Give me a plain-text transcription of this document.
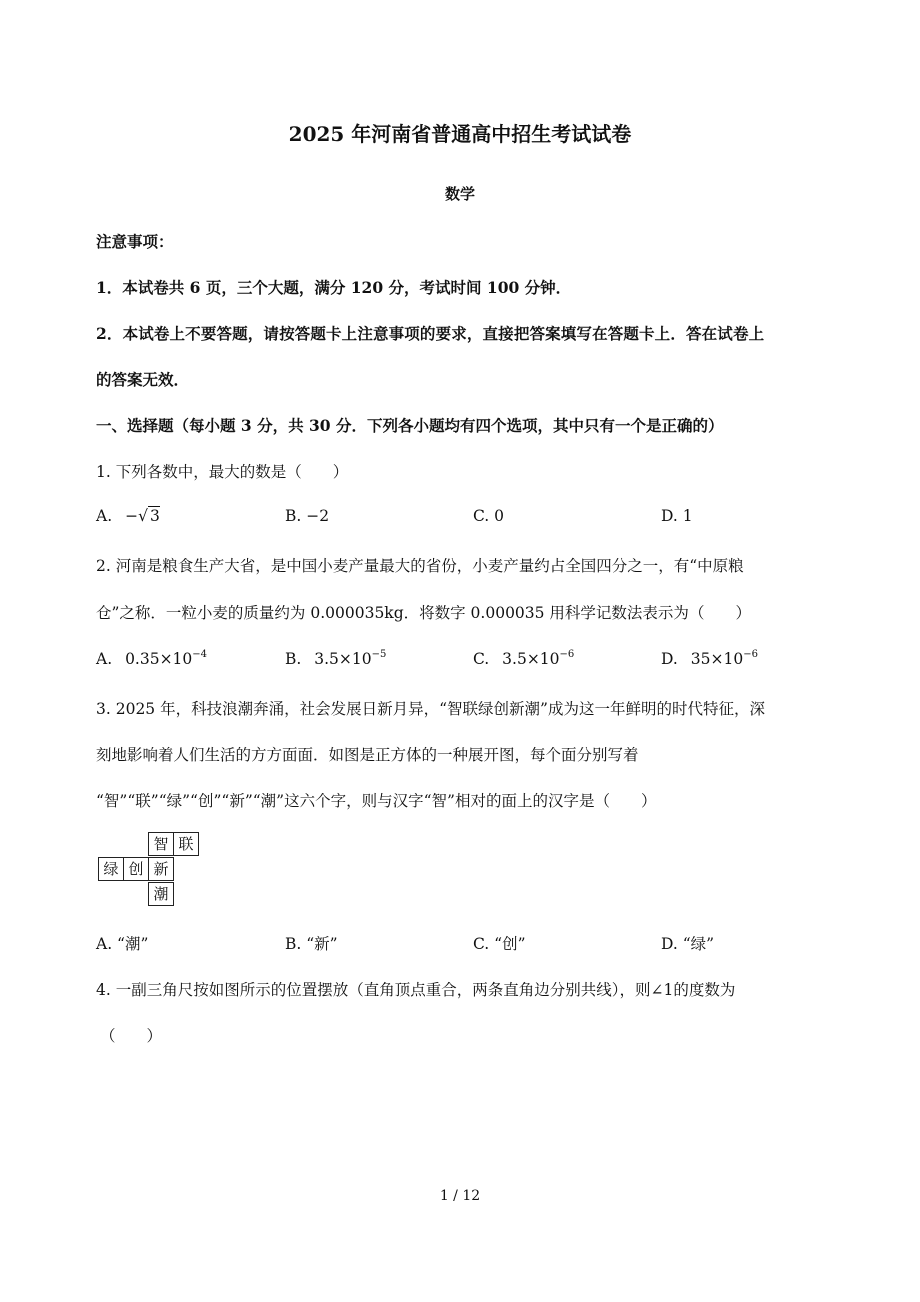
2025 年河南省普通高中招生考试试卷
数学
注意事项：
1．本试卷共 6 页，三个大题，满分 120 分，考试时间 100 分钟．
2．本试卷上不要答题，请按答题卡上注意事项的要求，直接把答案填写在答题卡上．答在试卷上
的答案无效．
一、选择题（每小题 3 分，共 30 分．下列各小题均有四个选项，其中只有一个是正确的）
1. 下列各数中，最大的数是（　　）
A. −√ 3	B. −2	C. 0	D. 1
2. 河南是粮食生产大省，是中国小麦产量最大的省份，小麦产量约占全国四分之一，有“中原粮
仓”之称．一粒小麦的质量约为 0.000035kg．将数字 0.000035 用科学记数法表示为（　　）
A. $0.35\times 10^{-4}$	B. $3.5\times 10^{-5}$	C. $3.5\times 10^{-6}$	D. $35\times 10^{-6}$
3. 2025 年，科技浪潮奔涌，社会发展日新月异，“智联绿创新潮”成为这一年鲜明的时代特征，深
刻地影响着人们生活的方方面面．如图是正方体的一种展开图，每个面分别写着
“智”“联”“绿”“创”“新”“潮”这六个字，则与汉字“智”相对的面上的汉字是（　　）
智 联
绿 创 新
潮
A. “潮”	B. “新”	C. “创”	D. “绿”
4. 一副三角尺按如图所示的位置摆放（直角顶点重合，两条直角边分别共线），则∠1的度数为
（　　）
1 / 12
